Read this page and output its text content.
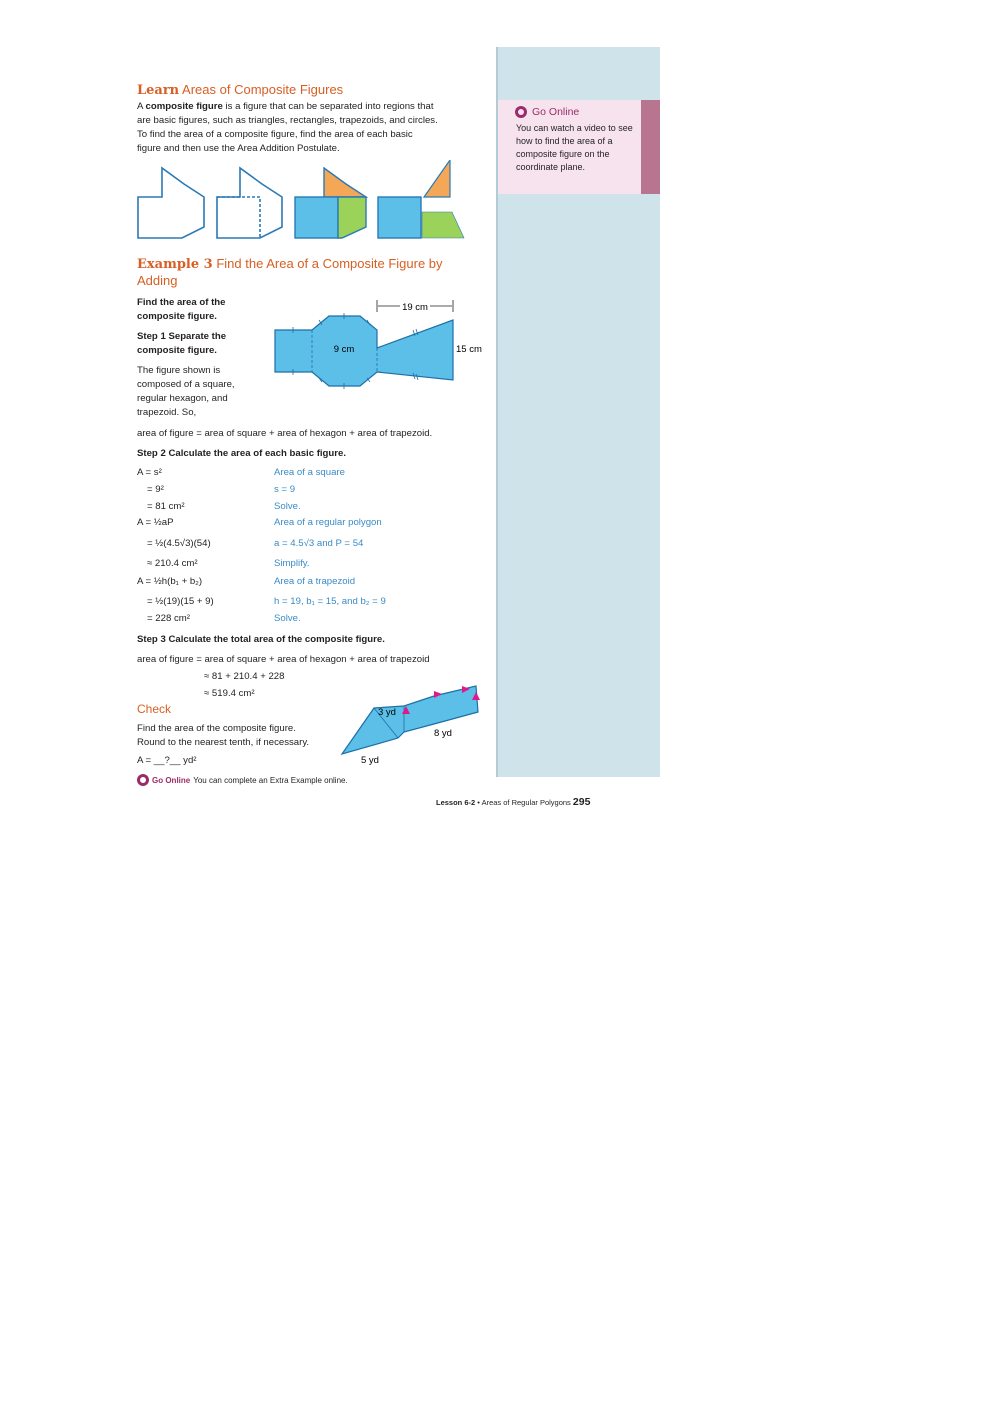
Go Online
You can watch a video to see how to find the area of a composite figure on the coordinate plane.
Learn Areas of Composite Figures
A composite figure is a figure that can be separated into regions that
are basic figures, such as triangles, rectangles, trapezoids, and circles.
To find the area of a composite figure, find the area of each basic
figure and then use the Area Addition Postulate.
Example 3 Find the Area of a Composite Figure by Adding
Find the area of the composite figure.
Step 1 Separate the composite figure.
The figure shown is composed of a square, regular hexagon, and trapezoid. So,
19 cm
9 cm	15 cm
area of figure = area of square + area of hexagon + area of trapezoid.
Step 2 Calculate the area of each basic figure.
A = s²	Area of a square
= 9²	s = 9
= 81 cm²	Solve.
A = ½aP	Area of a regular polygon
= ½(4.5√3)(54)	a = 4.5√3 and P = 54
≈ 210.4 cm²	Simplify.
A = ½h(b₁ + b₂)	Area of a trapezoid
= ½(19)(15 + 9)	h = 19, b₁ = 15, and b₂ = 9
= 228 cm²	Solve.
Step 3 Calculate the total area of the composite figure.
area of figure = area of square + area of hexagon + area of trapezoid
≈ 81 + 210.4 + 228
≈ 519.4 cm²
Check
Find the area of the composite figure.
Round to the nearest tenth, if necessary.
A = __?__ yd²
3 yd
8 yd
5 yd
Go Online You can complete an Extra Example online.
Lesson 6-2 • Areas of Regular Polygons 295
